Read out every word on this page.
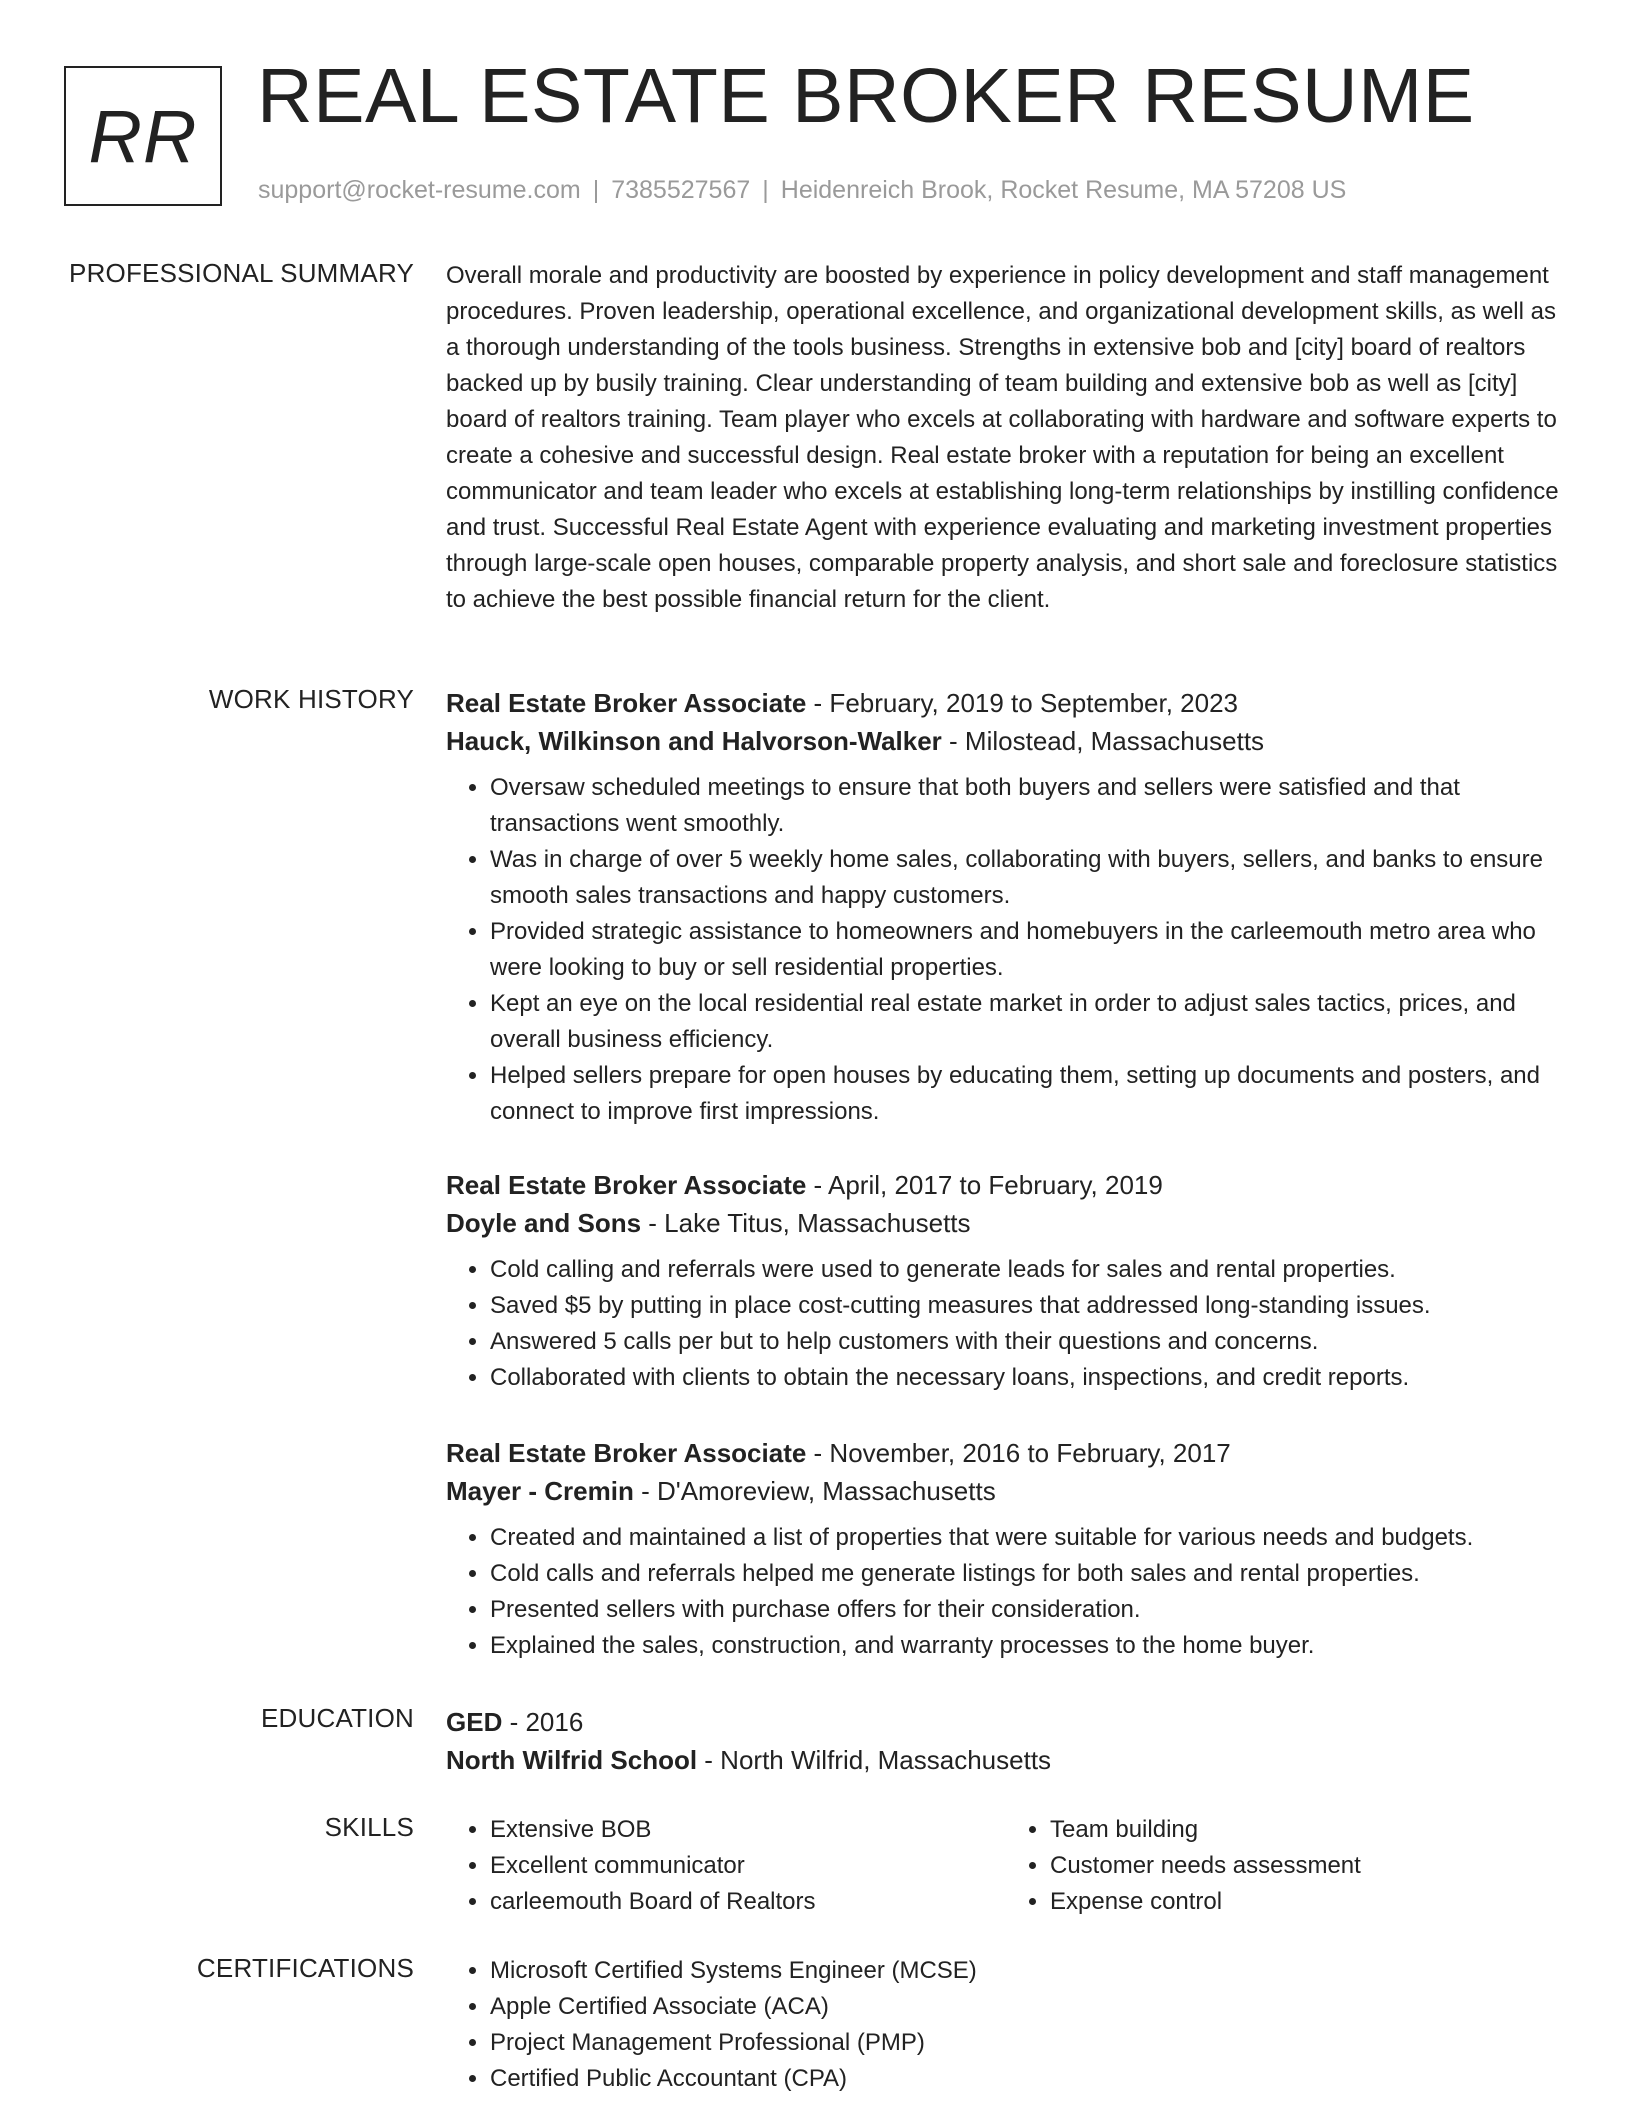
RR REAL ESTATE BROKER RESUME
support@rocket-resume.com | 7385527567 | Heidenreich Brook, Rocket Resume, MA 57208 US
PROFESSIONAL SUMMARY Overall morale and productivity are boosted by experience in policy development and staff management procedures. Proven leadership, operational excellence, and organizational development skills, as well as a thorough understanding of the tools business. Strengths in extensive bob and [city] board of realtors backed up by busily training. Clear understanding of team building and extensive bob as well as [city] board of realtors training. Team player who excels at collaborating with hardware and software experts to create a cohesive and successful design. Real estate broker with a reputation for being an excellent communicator and team leader who excels at establishing long-term relationships by instilling confidence and trust. Successful Real Estate Agent with experience evaluating and marketing investment properties through large-scale open houses, comparable property analysis, and short sale and foreclosure statistics to achieve the best possible financial return for the client.
WORK HISTORY Real Estate Broker Associate - February, 2019 to September, 2023
Hauck, Wilkinson and Halvorson-Walker - Milostead, Massachusetts
• Oversaw scheduled meetings to ensure that both buyers and sellers were satisfied and that transactions went smoothly.
• Was in charge of over 5 weekly home sales, collaborating with buyers, sellers, and banks to ensure smooth sales transactions and happy customers.
• Provided strategic assistance to homeowners and homebuyers in the carleemouth metro area who were looking to buy or sell residential properties.
• Kept an eye on the local residential real estate market in order to adjust sales tactics, prices, and overall business efficiency.
• Helped sellers prepare for open houses by educating them, setting up documents and posters, and connect to improve first impressions.
Real Estate Broker Associate - April, 2017 to February, 2019
Doyle and Sons - Lake Titus, Massachusetts
• Cold calling and referrals were used to generate leads for sales and rental properties.
• Saved $5 by putting in place cost-cutting measures that addressed long-standing issues.
• Answered 5 calls per but to help customers with their questions and concerns.
• Collaborated with clients to obtain the necessary loans, inspections, and credit reports.
Real Estate Broker Associate - November, 2016 to February, 2017
Mayer - Cremin - D'Amoreview, Massachusetts
• Created and maintained a list of properties that were suitable for various needs and budgets.
• Cold calls and referrals helped me generate listings for both sales and rental properties.
• Presented sellers with purchase offers for their consideration.
• Explained the sales, construction, and warranty processes to the home buyer.
EDUCATION GED - 2016
North Wilfrid School - North Wilfrid, Massachusetts
SKILLS	• Extensive BOB
• Excellent communicator
• carleemouth Board of Realtors
• Team building
• Customer needs assessment
• Expense control
CERTIFICATIONS	• Microsoft Certified Systems Engineer (MCSE)
• Apple Certified Associate (ACA)
• Project Management Professional (PMP)
• Certified Public Accountant (CPA)
